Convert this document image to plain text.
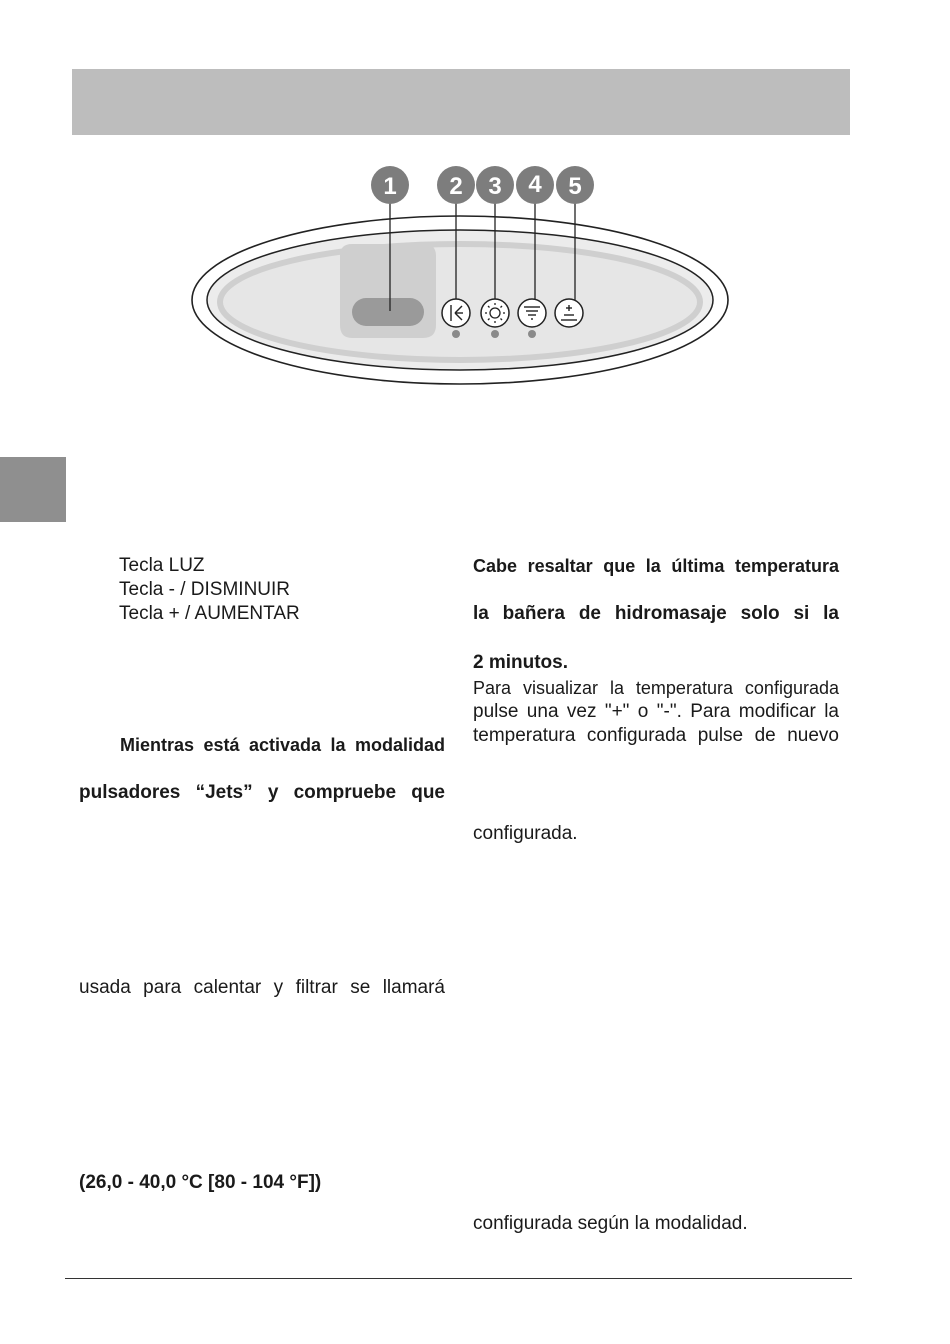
1 2 3 4 5

Tecla LUZ

Tecla - / DISMINUIR

Tecla + / AUMENTAR

Mientras está activada la modalidad

pulsadores “Jets” y compruebe que

usada para calentar y filtrar se llamará

(26,0 - 40,0 °C [80 - 104 °F])

Cabe resaltar que la última temperatura

la bañera de hidromasaje solo si la

2 minutos.

Para visualizar la temperatura configurada

pulse una vez "+" o "-". Para modificar la

temperatura configurada pulse de nuevo

configurada.

configurada según la modalidad.
